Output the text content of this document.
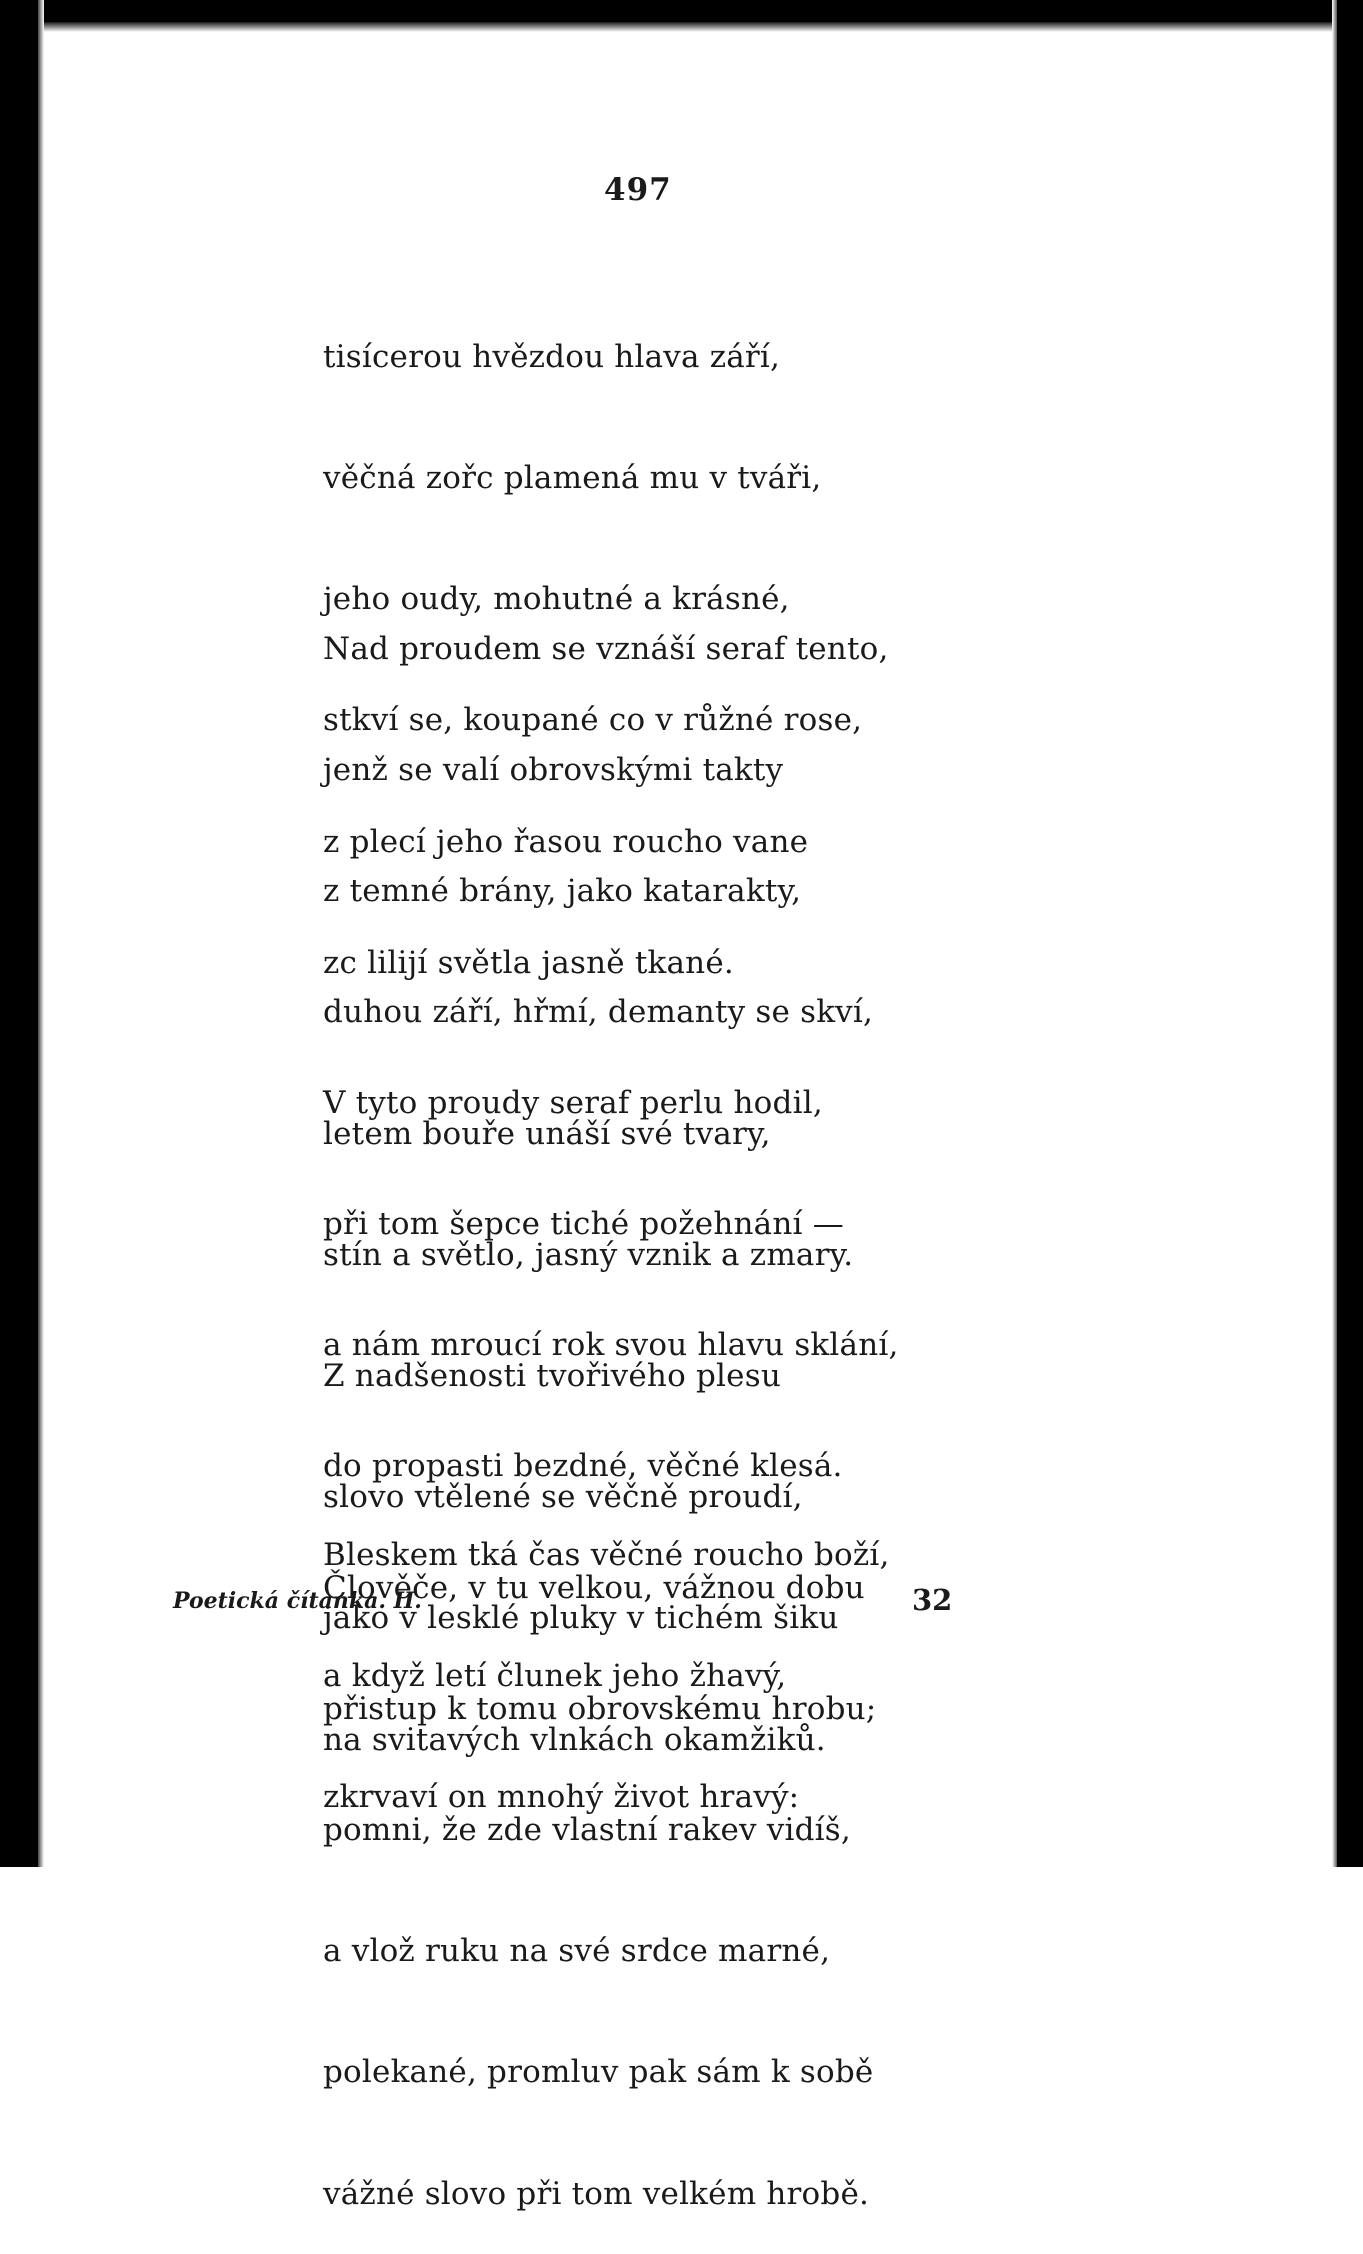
497

tisícerou hvězdou hlava září,

věčná zořc plamená mu v tváři,

jeho oudy, mohutné a krásné,

stkví se, koupané co v růžné rose,

z plecí jeho řasou roucho vane

zc lilijí světla jasně tkané.

Nad proudem se vznáší seraf tento,

jenž se valí obrovskými takty

z temné brány, jako katarakty,

duhou září, hřmí, demanty se skví,

letem bouře unáší své tvary,

stín a světlo, jasný vznik a zmary.

Z nadšenosti tvořivého plesu

slovo vtělené se věčně proudí,

jako v lesklé pluky v tichém šiku

na svitavých vlnkách okamžiků.

V tyto proudy seraf perlu hodil,

při tom šepce tiché požehnání —

a nám mroucí rok svou hlavu sklání,

do propasti bezdné, věčné klesá.

Člověče, v tu velkou, vážnou dobu

přistup k tomu obrovskému hrobu;

pomni, že zde vlastní rakev vidíš,

a vlož ruku na své srdce marné,

polekané, promluv pak sám k sobě

vážné slovo při tom velkém hrobě.

Bleskem tká čas věčné roucho boží,

a když letí člunek jeho žhavý,

zkrvaví on mnohý život hravý:

Poetická čítanka. II.	32
